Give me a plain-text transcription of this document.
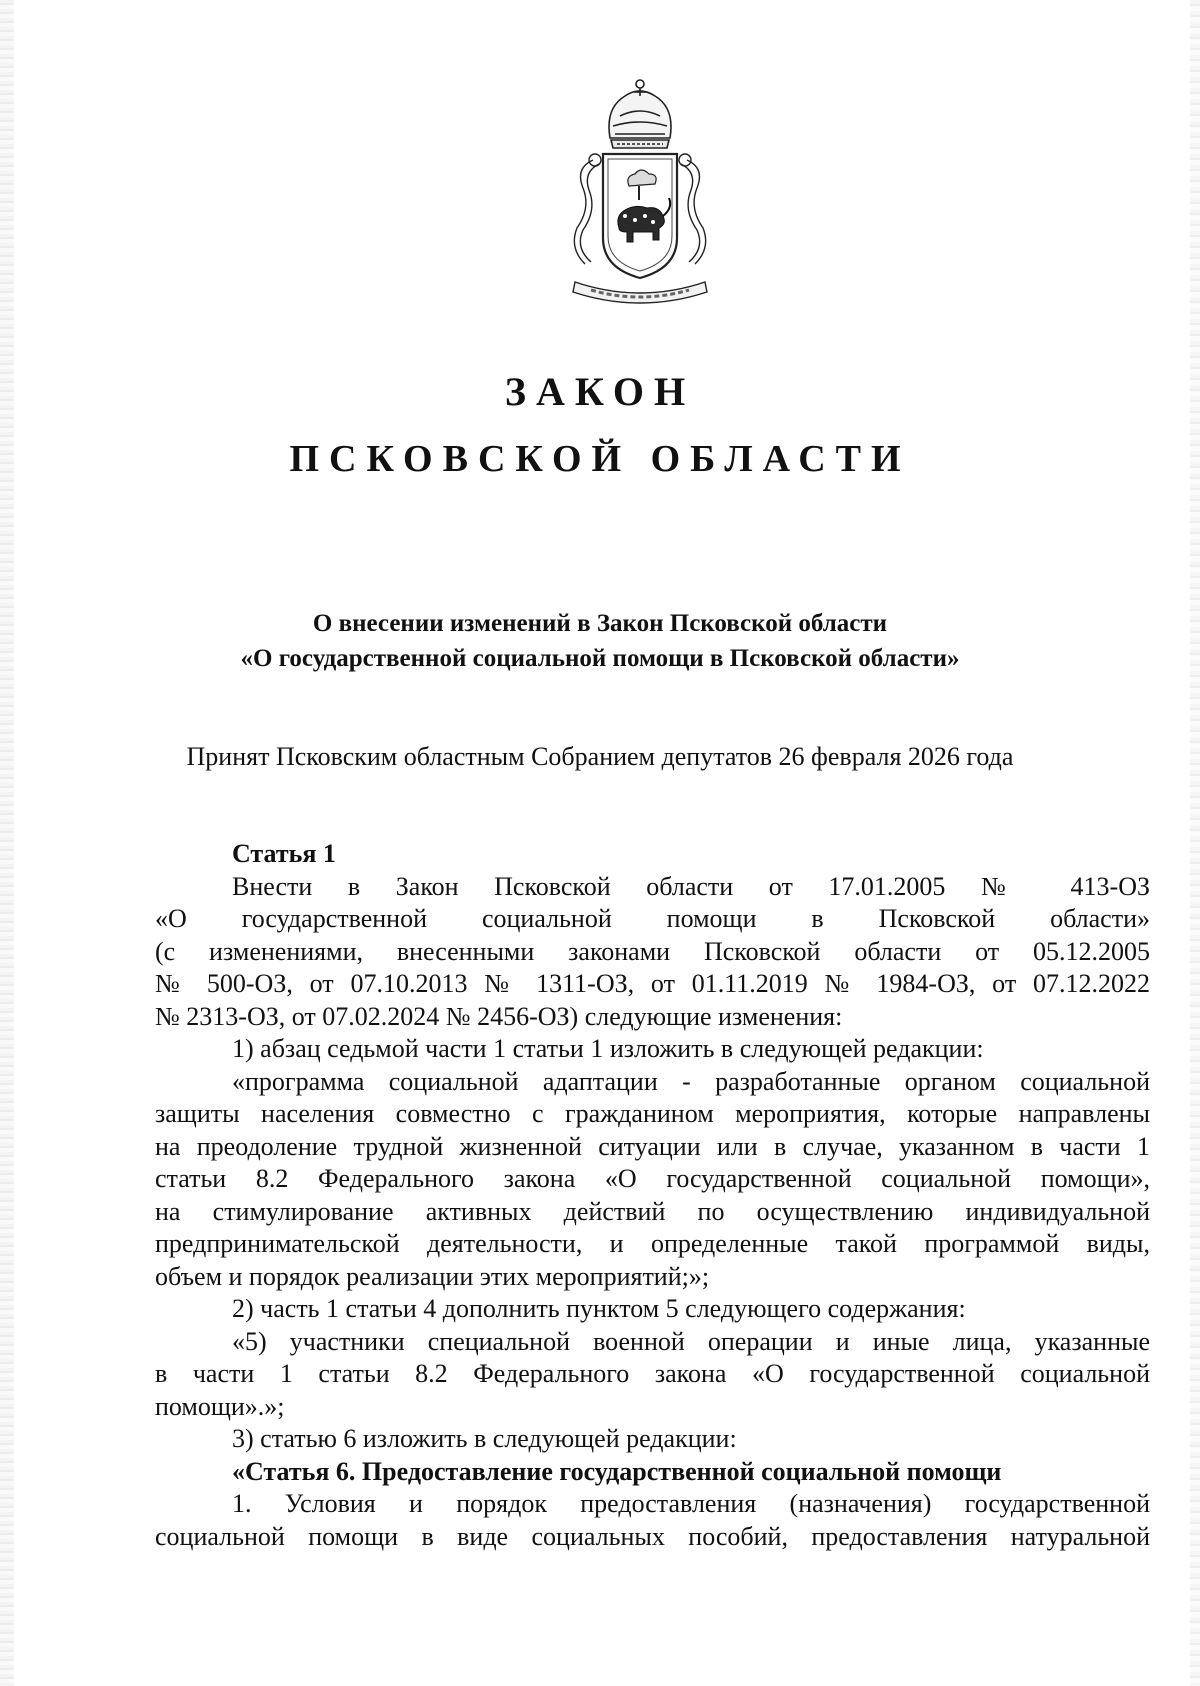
ЗАКОН
ПСКОВСКОЙ ОБЛАСТИ
О внесении изменений в Закон Псковской области
«О государственной социальной помощи в Псковской области»
Принят Псковским областным Собранием депутатов 26 февраля 2026 года
Статья 1
Внести в Закон Псковской области от 17.01.2005 № 413-ОЗ
«О государственной социальной помощи в Псковской области»
(с изменениями, внесенными законами Псковской области от 05.12.2005
№ 500-ОЗ, от 07.10.2013 № 1311-ОЗ, от 01.11.2019 № 1984-ОЗ, от 07.12.2022
№ 2313-ОЗ, от 07.02.2024 № 2456-ОЗ) следующие изменения:
1) абзац седьмой части 1 статьи 1 изложить в следующей редакции:
«программа социальной адаптации - разработанные органом социальной
защиты населения совместно с гражданином мероприятия, которые направлены
на преодоление трудной жизненной ситуации или в случае, указанном в части 1
статьи 8.2 Федерального закона «О государственной социальной помощи»,
на стимулирование активных действий по осуществлению индивидуальной
предпринимательской деятельности, и определенные такой программой виды,
объем и порядок реализации этих мероприятий;»;
2) часть 1 статьи 4 дополнить пунктом 5 следующего содержания:
«5) участники специальной военной операции и иные лица, указанные
в части 1 статьи 8.2 Федерального закона «О государственной социальной
помощи».»;
3) статью 6 изложить в следующей редакции:
«Статья 6. Предоставление государственной социальной помощи
1. Условия и порядок предоставления (назначения) государственной
социальной помощи в виде социальных пособий, предоставления натуральной
